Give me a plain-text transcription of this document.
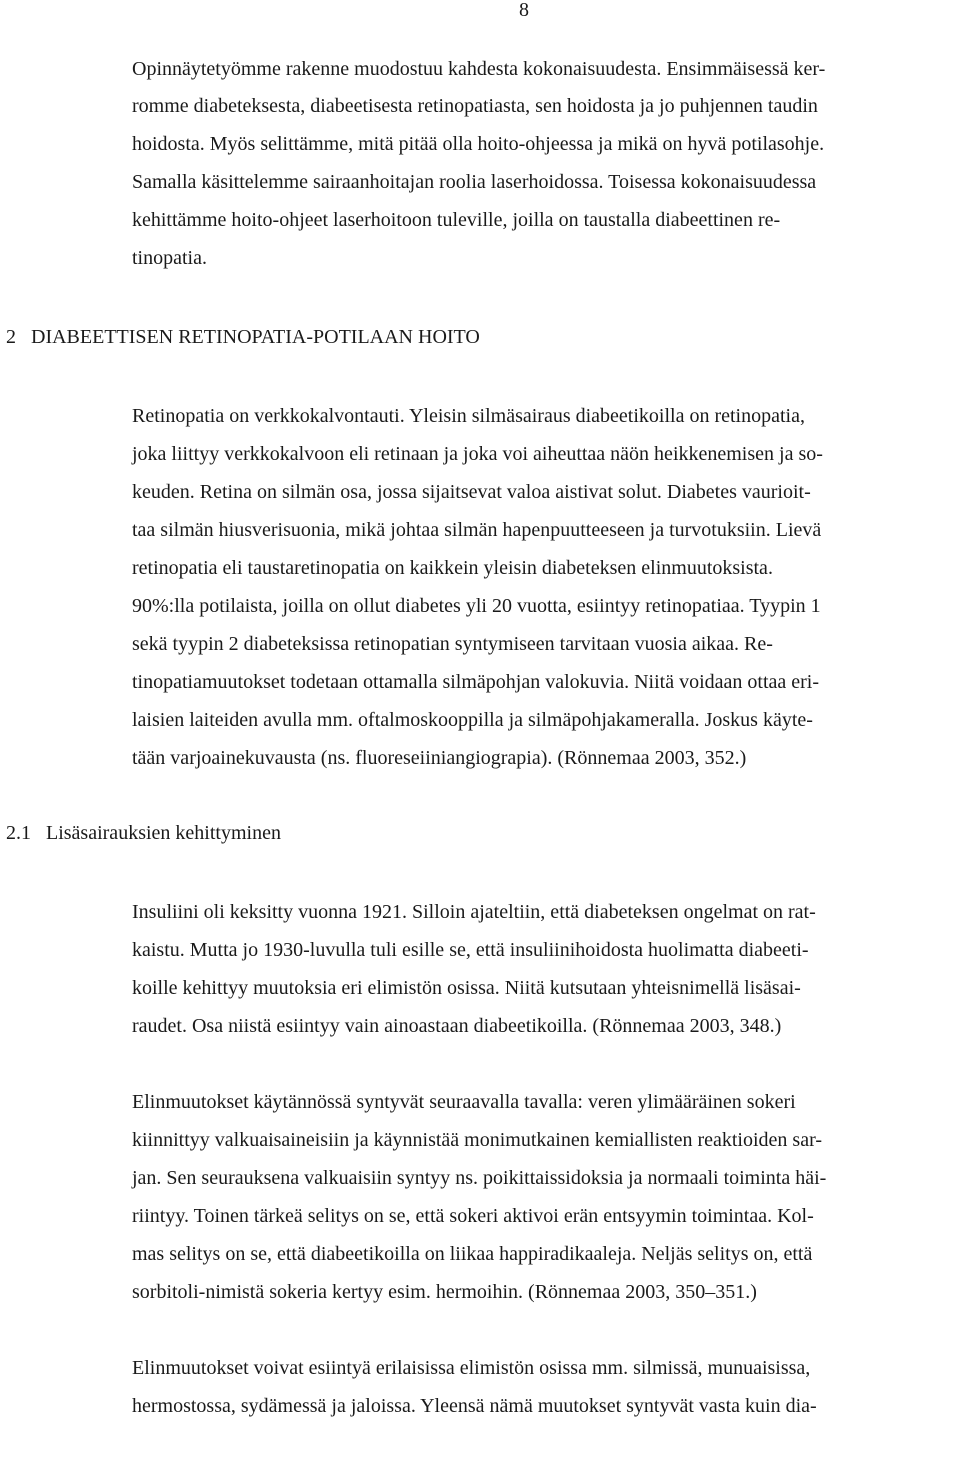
8
Opinnäytetyömme rakenne muodostuu kahdesta kokonaisuudesta. Ensimmäisessä ker-
romme diabeteksesta, diabeetisesta retinopatiasta, sen hoidosta ja jo puhjennen taudin
hoidosta. Myös selittämme, mitä pitää olla hoito-ohjeessa ja mikä on hyvä potilasohje.
Samalla käsittelemme sairaanhoitajan roolia laserhoidossa. Toisessa kokonaisuudessa
kehittämme hoito-ohjeet laserhoitoon tuleville, joilla on taustalla diabeettinen re-
tinopatia.
2 DIABEETTISEN RETINOPATIA-POTILAAN HOITO
Retinopatia on verkkokalvontauti. Yleisin silmäsairaus diabeetikoilla on retinopatia,
joka liittyy verkkokalvoon eli retinaan ja joka voi aiheuttaa näön heikkenemisen ja so-
keuden. Retina on silmän osa, jossa sijaitsevat valoa aistivat solut. Diabetes vaurioit-
taa silmän hiusverisuonia, mikä johtaa silmän hapenpuutteeseen ja turvotuksiin. Lievä
retinopatia eli taustaretinopatia on kaikkein yleisin diabeteksen elinmuutoksista.
90%:lla potilaista, joilla on ollut diabetes yli 20 vuotta, esiintyy retinopatiaa. Tyypin 1
sekä tyypin 2 diabeteksissa retinopatian syntymiseen tarvitaan vuosia aikaa. Re-
tinopatiamuutokset todetaan ottamalla silmäpohjan valokuvia. Niitä voidaan ottaa eri-
laisien laiteiden avulla mm. oftalmoskooppilla ja silmäpohjakameralla. Joskus käyte-
tään varjoainekuvausta (ns. fluoreseiiniangiograpia). (Rönnemaa 2003, 352.)
2.1 Lisäsairauksien kehittyminen
Insuliini oli keksitty vuonna 1921. Silloin ajateltiin, että diabeteksen ongelmat on rat-
kaistu. Mutta jo 1930-luvulla tuli esille se, että insuliinihoidosta huolimatta diabeeti-
koille kehittyy muutoksia eri elimistön osissa. Niitä kutsutaan yhteisnimellä lisäsai-
raudet. Osa niistä esiintyy vain ainoastaan diabeetikoilla. (Rönnemaa 2003, 348.)
Elinmuutokset käytännössä syntyvät seuraavalla tavalla: veren ylimääräinen sokeri
kiinnittyy valkuaisaineisiin ja käynnistää monimutkainen kemiallisten reaktioiden sar-
jan. Sen seurauksena valkuaisiin syntyy ns. poikittaissidoksia ja normaali toiminta häi-
riintyy. Toinen tärkeä selitys on se, että sokeri aktivoi erän entsyymin toimintaa. Kol-
mas selitys on se, että diabeetikoilla on liikaa happiradikaaleja. Neljäs selitys on, että
sorbitoli-nimistä sokeria kertyy esim. hermoihin. (Rönnemaa 2003, 350–351.)
Elinmuutokset voivat esiintyä erilaisissa elimistön osissa mm. silmissä, munuaisissa,
hermostossa, sydämessä ja jaloissa. Yleensä nämä muutokset syntyvät vasta kuin dia-
